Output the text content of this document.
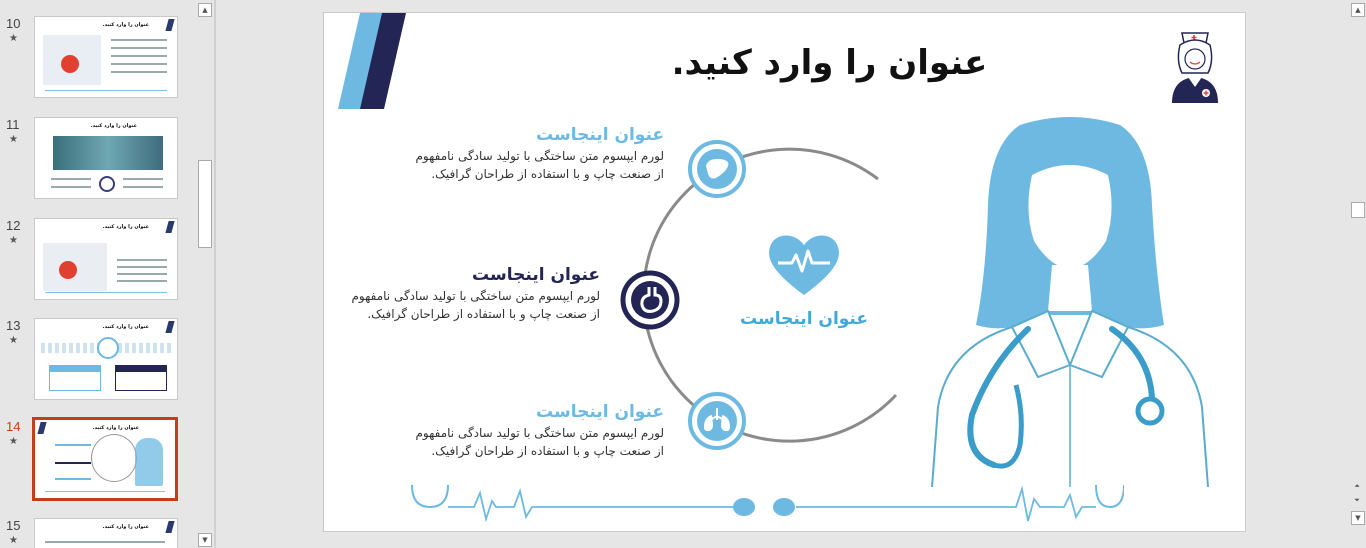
10
★
عنوان را وارد کنید.
11
★
عنوان را وارد کنید.
12
★
عنوان را وارد کنید.
13
★
عنوان را وارد کنید.
14
★
عنوان را وارد کنید.
15
★
عنوان را وارد کنید.
▲
▼
عنوان را وارد کنید.
عنوان اینجاست
عنوان اینجاست
لورم ایپسوم متن ساختگی با تولید سادگی نامفهوم
از صنعت چاپ و با استفاده از طراحان گرافیک.
عنوان اینجاست
لورم ایپسوم متن ساختگی با تولید سادگی نامفهوم
از صنعت چاپ و با استفاده از طراحان گرافیک.
عنوان اینجاست
لورم ایپسوم متن ساختگی با تولید سادگی نامفهوم
از صنعت چاپ و با استفاده از طراحان گرافیک.
▲
⏶
⏷
▼
